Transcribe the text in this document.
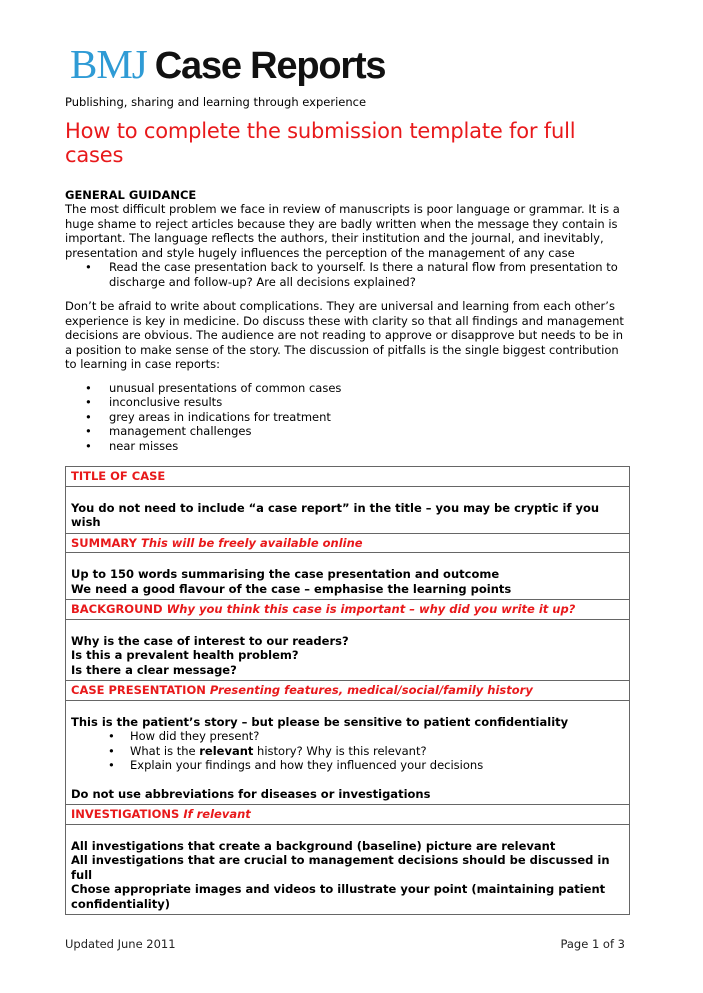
BMJ Case Reports
Publishing, sharing and learning through experience
How to complete the submission template for full cases
GENERAL GUIDANCE

The most difficult problem we face in review of manuscripts is poor language or grammar. It is a huge shame to reject articles because they are badly written when the message they contain is important. The language reflects the authors, their institution and the journal, and inevitably, presentation and style hugely influences the perception of the management of any case

• Read the case presentation back to yourself. Is there a natural flow from presentation to discharge and follow-up? Are all decisions explained?

Don’t be afraid to write about complications. They are universal and learning from each other’s experience is key in medicine. Do discuss these with clarity so that all findings and management decisions are obvious. The audience are not reading to approve or disapprove but needs to be in a position to make sense of the story. The discussion of pitfalls is the single biggest contribution to learning in case reports:

• unusual presentations of common cases
• inconclusive results
• grey areas in indications for treatment
• management challenges
• near misses
TITLE OF CASE
You do not need to include “a case report” in the title – you may be cryptic if you wish
SUMMARY This will be freely available online

Up to 150 words summarising the case presentation and outcome
We need a good flavour of the case – emphasise the learning points

BACKGROUND Why you think this case is important – why did you write it up?

Why is the case of interest to our readers?
Is this a prevalent health problem?
Is there a clear message?

CASE PRESENTATION Presenting features, medical/social/family history

This is the patient’s story – but please be sensitive to patient confidentiality
• How did they present?
• What is the relevant history? Why is this relevant?
• Explain your findings and how they influenced your decisions
Do not use abbreviations for diseases or investigations

INVESTIGATIONS If relevant

All investigations that create a background (baseline) picture are relevant
All investigations that are crucial to management decisions should be discussed in full
Chose appropriate images and videos to illustrate your point (maintaining patient confidentiality)
Updated June 2011	Page 1 of 3
